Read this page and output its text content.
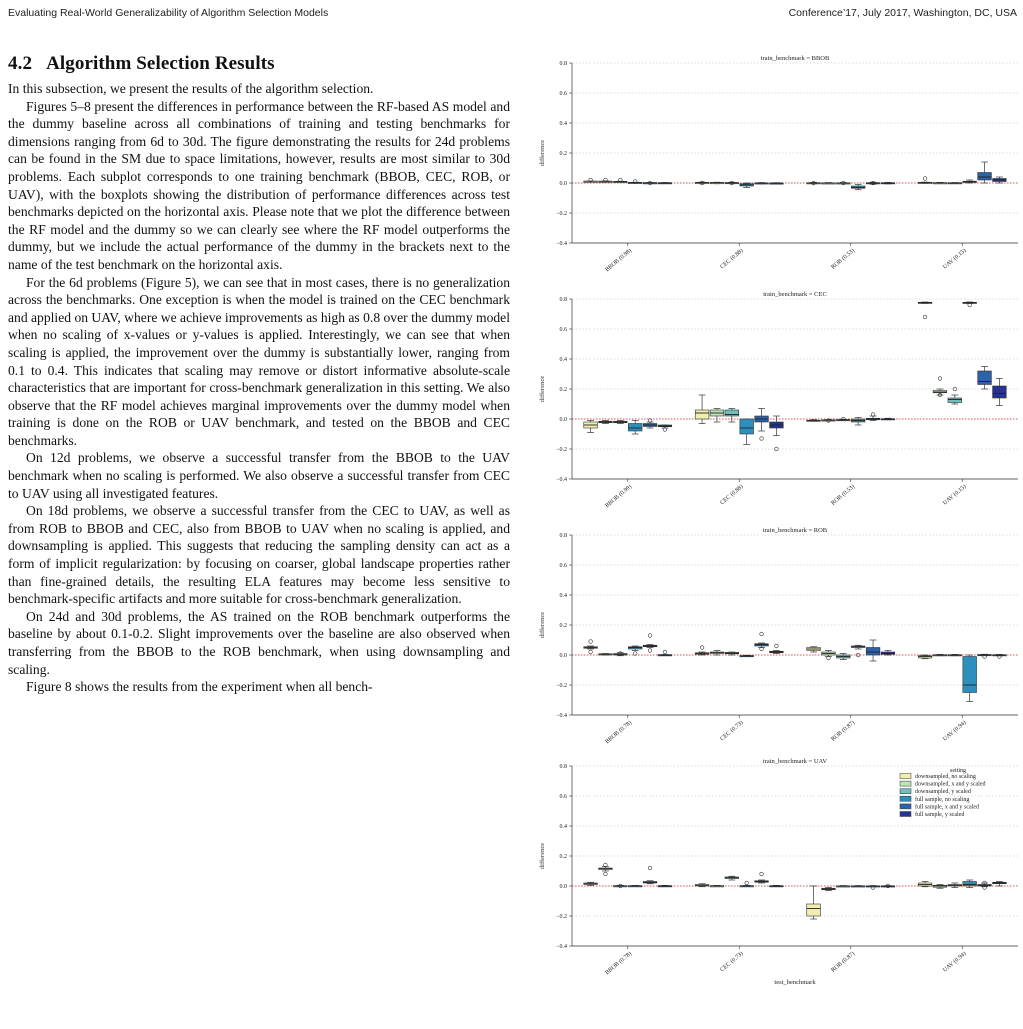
Evaluating Real-World Generalizability of Algorithm Selection Models	Conference’17, July 2017, Washington, DC, USA
4.2 Algorithm Selection Results

In this subsection, we present the results of the algorithm selection.

Figures 5–8 present the differences in performance between the RF-based AS model and the dummy baseline across all combinations of training and testing benchmarks for dimensions ranging from 6d to 30d. The figure demonstrating the results for 24d problems can be found in the SM due to space limitations, however, results are most similar to 30d problems. Each subplot corresponds to one training benchmark (BBOB, CEC, ROB, or UAV), with the boxplots showing the distribution of performance differences across test benchmarks depicted on the horizontal axis. Please note that we plot the difference between the RF model and the dummy so we can clearly see where the RF model outperforms the dummy, but we include the actual performance of the dummy in the brackets next to the name of the test benchmark on the horizontal axis.

For the 6d problems (Figure 5), we can see that in most cases, there is no generalization across the benchmarks. One exception is when the model is trained on the CEC benchmark and applied on UAV, where we achieve improvements as high as 0.8 over the dummy model when no scaling of x-values or y-values is applied. Interestingly, we can see that when scaling is applied, the improvement over the dummy is substantially lower, ranging from 0.1 to 0.4. This indicates that scaling may remove or distort informative absolute-scale characteristics that are important for cross-benchmark generalization in this setting. We also observe that the RF model achieves marginal improvements over the dummy model when training is done on the ROB or UAV benchmark, and tested on the BBOB and CEC benchmarks.

On 12d problems, we observe a successful transfer from the BBOB to the UAV benchmark when no scaling is performed. We also observe a successful transfer from CEC to UAV using all investigated features.

On 18d problems, we observe a successful transfer from the CEC to UAV, as well as from ROB to BBOB and CEC, also from BBOB to UAV when no scaling is applied, and downsampling is applied. This suggests that reducing the sampling density can act as a form of implicit regularization: by focusing on coarser, global landscape properties rather than fine-grained details, the resulting ELA features may become less sensitive to benchmark-specific artifacts and more suitable for cross-benchmark generalization.

On 24d and 30d problems, the AS trained on the ROB benchmark outperforms the baseline by about 0.1-0.2. Slight improvements over the baseline are also observed when transferring from the BBOB to the ROB benchmark, when using downsampling and scaling.

Figure 8 shows the results from the experiment when all bench-

train_benchmark = BBOB
−0.4
−0.2
0.0
0.2
0.4
0.6
0.8
difference
BBOB (0.98)	CEC (0.88)	ROB (0.53)	UAV (0.15)
train_benchmark = CEC
−0.4
−0.2
0.0
0.2
0.4
0.6
0.8
difference
BBOB (0.99)	CEC (0.88)	ROB (0.53)	UAV (0.15)
train_benchmark = ROB
−0.4
−0.2
0.0
0.2
0.4
0.6
0.8
difference
BBOB (0.78)	CEC (0.73)	ROB (0.87)	UAV (0.94)
train_benchmark = UAV
−0.4
−0.2
0.0
0.2
0.4
0.6
0.8
difference
BBOB (0.78)	CEC (0.73)	ROB (0.87)	UAV (0.94)
test_benchmark
setting
downsampled, no scaling
downsampled, x and y scaled
downsampled, y scaled
full sample, no scaling
full sample, x and y scaled
full sample, y scaled
